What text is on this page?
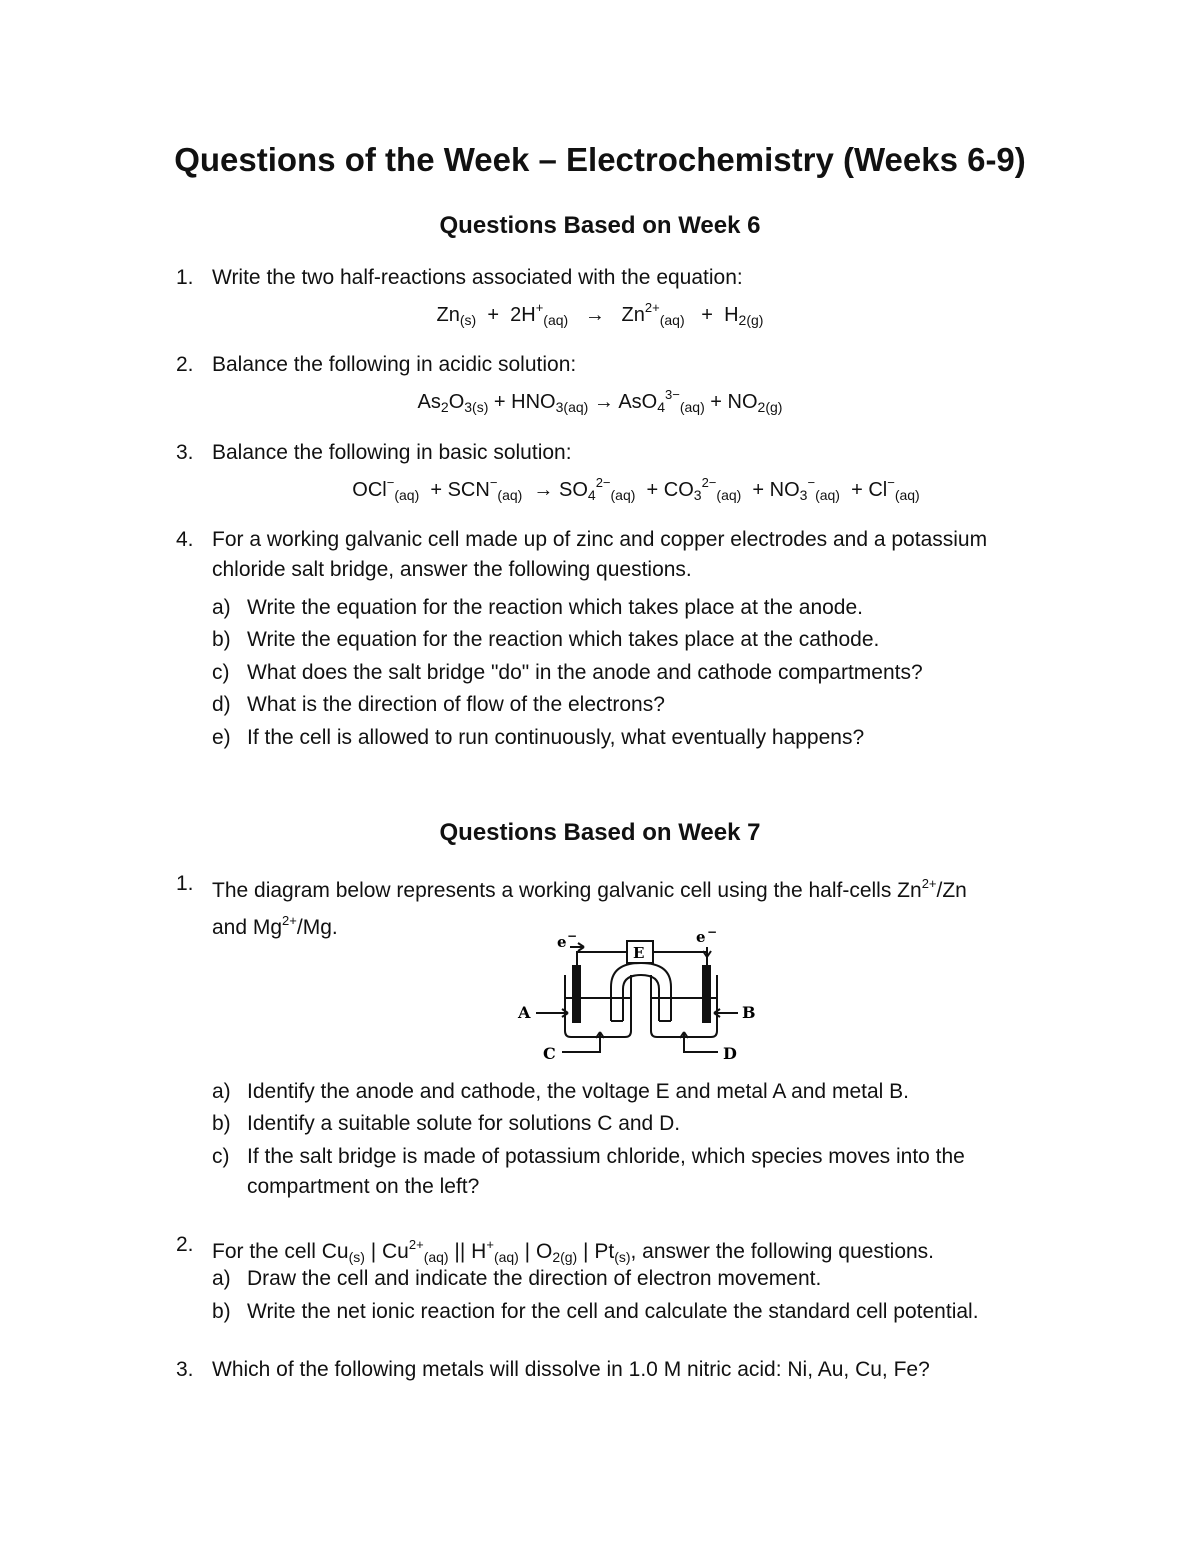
Questions of the Week – Electrochemistry (Weeks 6-9)
Questions Based on Week 6
1. Write the two half-reactions associated with the equation:
$Zn_{(s)} + 2H^+_{(aq)} \to Zn^{2+}_{(aq)} + H_{2(g)}$
2. Balance the following in acidic solution:
$As_2O_{3(s)} + HNO_{3(aq)} \to AsO_4^{3-}_{(aq)} + NO_{2(g)}$
3. Balance the following in basic solution:
$OCl^-_{(aq)} + SCN^-_{(aq)} \to SO_4^{2-}_{(aq)} + CO_3^{2-}_{(aq)} + NO_3^-_{(aq)} + Cl^-_{(aq)}$
4. For a working galvanic cell made up of zinc and copper electrodes and a potassium
chloride salt bridge, answer the following questions.
a) Write the equation for the reaction which takes place at the anode.
b) Write the equation for the reaction which takes place at the cathode.
c) What does the salt bridge "do" in the anode and cathode compartments?
d) What is the direction of flow of the electrons?
e) If the cell is allowed to run continuously, what eventually happens?
Questions Based on Week 7
1. The diagram below represents a working galvanic cell using the half-cells $Zn^{2+}/Zn$
and $Mg^{2+}/Mg$.
e −	e −
E
A	B
C	D
a) Identify the anode and cathode, the voltage E and metal A and metal B.
b) Identify a suitable solute for solutions C and D.
c) If the salt bridge is made of potassium chloride, which species moves into the
compartment on the left?
2. For the cell Cu(s) | $Cu^{2+}(aq)$ || H+(aq) | O2(g) | Pt(s), answer the following questions.
a) Draw the cell and indicate the direction of electron movement.
b) Write the net ionic reaction for the cell and calculate the standard cell potential.
3. Which of the following metals will dissolve in 1.0 M nitric acid: Ni, Au, Cu, Fe?
